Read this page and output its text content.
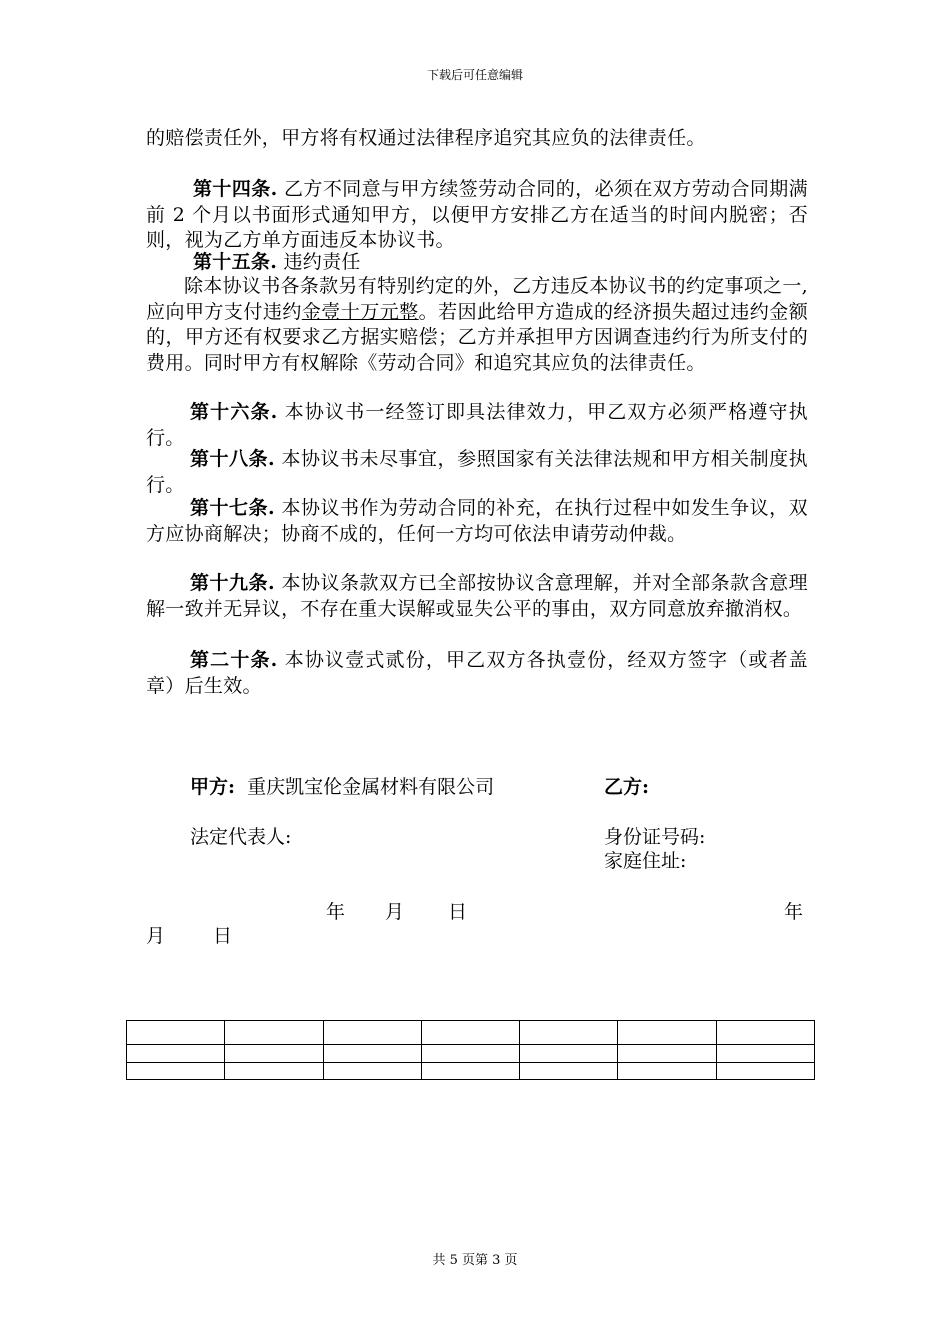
下载后可任意编辑
的赔偿责任外，甲方将有权通过法律程序追究其应负的法律责任。
第十四条. 乙方不同意与甲方续签劳动合同的，必须在双方劳动合同期满前 2 个月以书面形式通知甲方，以便甲方安排乙方在适当的时间内脱密；否则，视为乙方单方面违反本协议书。
第十五条. 违约责任
除本协议书各条款另有特别约定的外，乙方违反本协议书的约定事项之一,应向甲方支付违约金壹十万元整。若因此给甲方造成的经济损失超过违约金额的，甲方还有权要求乙方据实赔偿；乙方并承担甲方因调查违约行为所支付的费用。同时甲方有权解除《劳动合同》和追究其应负的法律责任。
第十六条. 本协议书一经签订即具法律效力，甲乙双方必须严格遵守执行。
第十八条. 本协议书未尽事宜，参照国家有关法律法规和甲方相关制度执行。
第十七条. 本协议书作为劳动合同的补充，在执行过程中如发生争议，双方应协商解决；协商不成的，任何一方均可依法申请劳动仲裁。
第十九条. 本协议条款双方已全部按协议含意理解，并对全部条款含意理解一致并无异议，不存在重大误解或显失公平的事由，双方同意放弃撤消权。
第二十条. 本协议壹式贰份，甲乙双方各执壹份，经双方签字（或者盖章）后生效。
甲方: 重庆凯宝伦金属材料有限公司	乙方:
法定代表人:	身份证号码:
家庭住址:
年 月 日	年
月	日

共 5 页第 3 页
